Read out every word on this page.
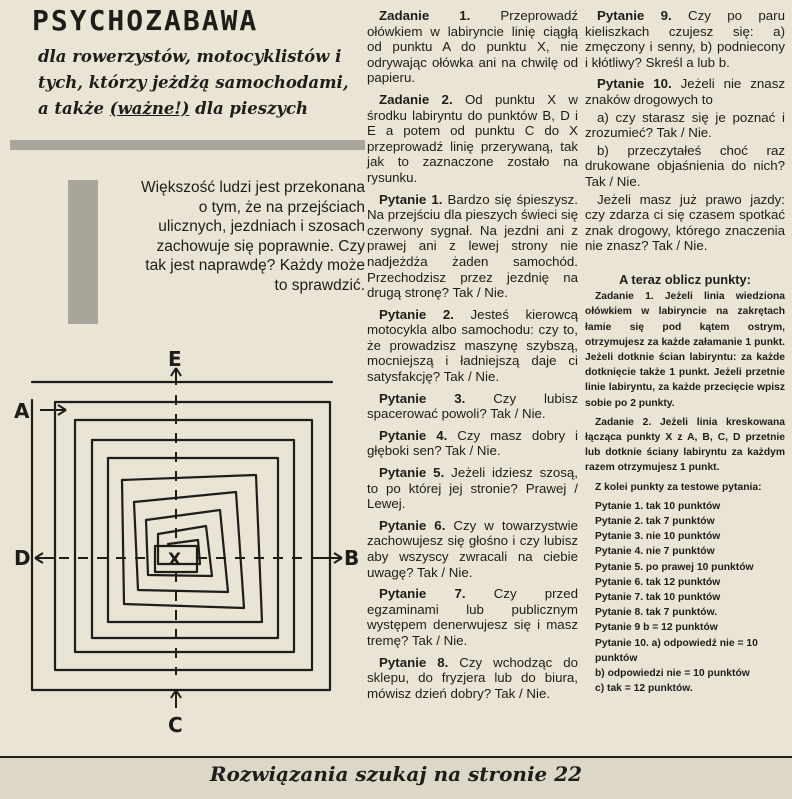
PSYCHOZABAWA

dla rowerzystów, motocyklistów i tych, którzy jeżdżą samochodami, a także (ważne!) dla pieszych

Większość ludzi jest przekonana o tym, że na przejściach ulicznych, jezdniach i szosach zachowuje się poprawnie. Czy tak jest naprawdę? Każdy może to sprawdzić.

A
B
C
D
E
X

Zadanie 1. Przeprowadź ołówkiem w labiryncie linię ciągłą od punktu A do punktu X, nie odrywając ołówka ani na chwilę od papieru.

Zadanie 2. Od punktu X w środku labiryntu do punktów B, D i E a potem od punktu C do X przeprowadź linię przerywaną, tak jak to zaznaczone zostało na rysunku.

Pytanie 1. Bardzo się śpieszysz. Na przejściu dla pieszych świeci się czerwony sygnał. Na jezdni ani z prawej ani z lewej strony nie nadjeżdża żaden samochód. Przechodzisz przez jezdnię na drugą stronę? Tak / Nie.

Pytanie 2. Jesteś kierowcą motocykla albo samochodu: czy to, że prowadzisz maszynę szybszą, mocniejszą i ładniejszą daje ci satysfakcję? Tak / Nie.

Pytanie 3. Czy lubisz spacerować powoli? Tak / Nie.

Pytanie 4. Czy masz dobry i głęboki sen? Tak / Nie.

Pytanie 5. Jeżeli idziesz szosą, to po której jej stronie? Prawej / Lewej.

Pytanie 6. Czy w towarzystwie zachowujesz się głośno i czy lubisz aby wszyscy zwracali na ciebie uwagę? Tak / Nie.

Pytanie 7. Czy przed egzaminami lub publicznym występem denerwujesz się i masz tremę? Tak / Nie.

Pytanie 8. Czy wchodząc do sklepu, do fryzjera lub do biura, mówisz dzień dobry? Tak / Nie.

Pytanie 9. Czy po paru kieliszkach czujesz się: a) zmęczony i senny, b) podniecony i kłótliwy? Skreśl a lub b.

Pytanie 10. Jeżeli nie znasz znaków drogowych to

a) czy starasz się je poznać i zrozumieć? Tak / Nie.

b) przeczytałeś choć raz drukowane objaśnienia do nich? Tak / Nie.

Jeżeli masz już prawo jazdy: czy zdarza ci się czasem spotkać znak drogowy, którego znaczenia nie znasz? Tak / Nie.

A teraz oblicz punkty:

Zadanie 1. Jeżeli linia wiedziona ołówkiem w labiryncie na zakrętach łamie się pod kątem ostrym, otrzymujesz za każde załamanie 1 punkt. Jeżeli dotknie ścian labiryntu: za każde dotknięcie także 1 punkt. Jeżeli przetnie linie labiryntu, za każde przecięcie wpisz sobie po 2 punkty.

Zadanie 2. Jeżeli linia kreskowana łącząca punkty X z A, B, C, D przetnie lub dotknie ściany labiryntu za każdym razem otrzymujesz 1 punkt.

Z kolei punkty za testowe pytania:

Pytanie 1. tak 10 punktów
Pytanie 2. tak 7 punktów
Pytanie 3. nie 10 punktów
Pytanie 4. nie 7 punktów
Pytanie 5. po prawej 10 punktów
Pytanie 6. tak 12 punktów
Pytanie 7. tak 10 punktów
Pytanie 8. tak 7 punktów.
Pytanie 9 b = 12 punktów
Pytanie 10. a) odpowiedź nie = 10 punktów
b) odpowiedzi nie = 10 punktów
c) tak = 12 punktów.
Rozwiązania szukaj na stronie 22
